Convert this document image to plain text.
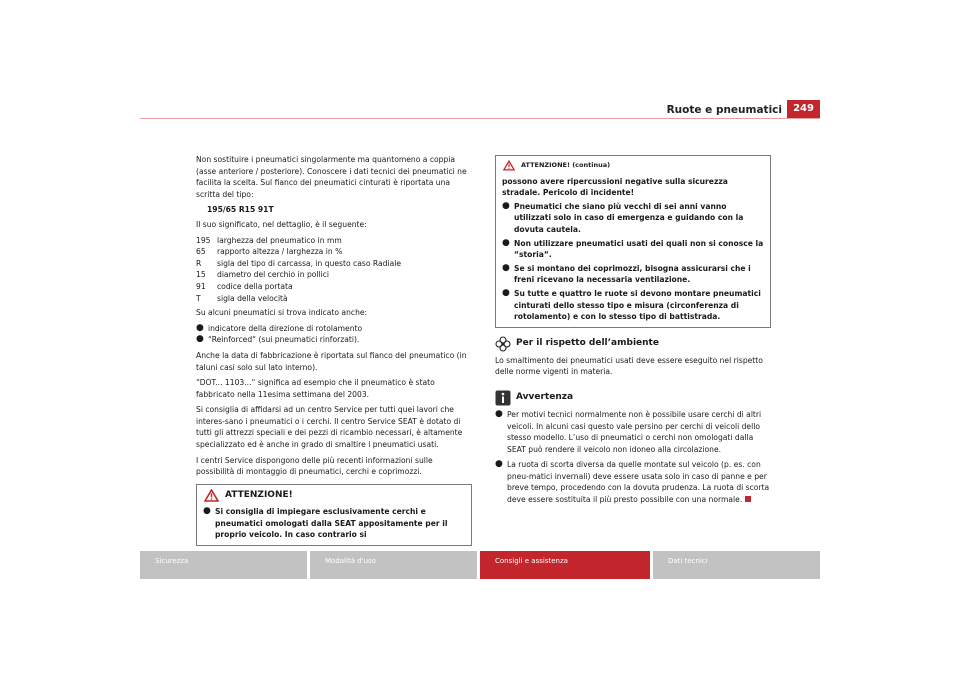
Ruote e pneumatici	249

Non sostituire i pneumatici singolarmente ma quantomeno a coppia (asse anteriore / posteriore). Conoscere i dati tecnici dei pneumatici ne facilita la scelta. Sul fianco dei pneumatici cinturati è riportata una scritta del tipo:

195/65 R15 91T

Il suo significato, nel dettaglio, è il seguente:

195 larghezza del pneumatico in mm
65	rapporto altezza / larghezza in %
R	sigla del tipo di carcassa, in questo caso Radiale
15	diametro del cerchio in pollici
91	codice della portata
T	sigla della velocità

Su alcuni pneumatici si trova indicato anche:

● indicatore della direzione di rotolamento
● “Reinforced“ (sui pneumatici rinforzati).

Anche la data di fabbricazione è riportata sul fianco del pneumatico (in taluni casi solo sul lato interno).

“DOT... 1103...“ significa ad esempio che il pneumatico è stato fabbricato nella 11esima settimana del 2003.

Si consiglia di affidarsi ad un centro Service per tutti quei lavori che interes-sano i pneumatici o i cerchi. Il centro Service SEAT è dotato di tutti gli attrezzi speciali e dei pezzi di ricambio necessari, è altamente specializzato ed è anche in grado di smaltire i pneumatici usati.

I centri Service dispongono delle più recenti informazioni sulle possibilità di montaggio di pneumatici, cerchi e coprimozzi.

ATTENZIONE!
● Si consiglia di impiegare esclusivamente cerchi e pneumatici omologati dalla SEAT appositamente per il proprio veicolo. In caso contrario si
ATTENZIONE! (continua)

possono avere ripercussioni negative sulla sicurezza stradale. Pericolo di incidente!

● Pneumatici che siano più vecchi di sei anni vanno utilizzati solo in caso di emergenza e guidando con la dovuta cautela.
● Non utilizzare pneumatici usati dei quali non si conosce la “storia“.
● Se si montano dei coprimozzi, bisogna assicurarsi che i freni ricevano la necessaria ventilazione.
● Su tutte e quattro le ruote si devono montare pneumatici cinturati dello stesso tipo e misura (circonferenza di rotolamento) e con lo stesso tipo di battistrada.
Per il rispetto dell’ambiente

Lo smaltimento dei pneumatici usati deve essere eseguito nel rispetto delle norme vigenti in materia.

Avvertenza
● Per motivi tecnici normalmente non è possibile usare cerchi di altri veicoli. In alcuni casi questo vale persino per cerchi di veicoli dello stesso modello. L’uso di pneumatici o cerchi non omologati dalla SEAT può rendere il veicolo non idoneo alla circolazione.
● La ruota di scorta diversa da quelle montate sul veicolo (p. es. con pneu-matici invernali) deve essere usata solo in caso di panne e per breve tempo, procedendo con la dovuta prudenza. La ruota di scorta deve essere sostituita il più presto possibile con una normale.
Sicurezza	Modalità d'uso	Consigli e assistenza	Dati tecnici
